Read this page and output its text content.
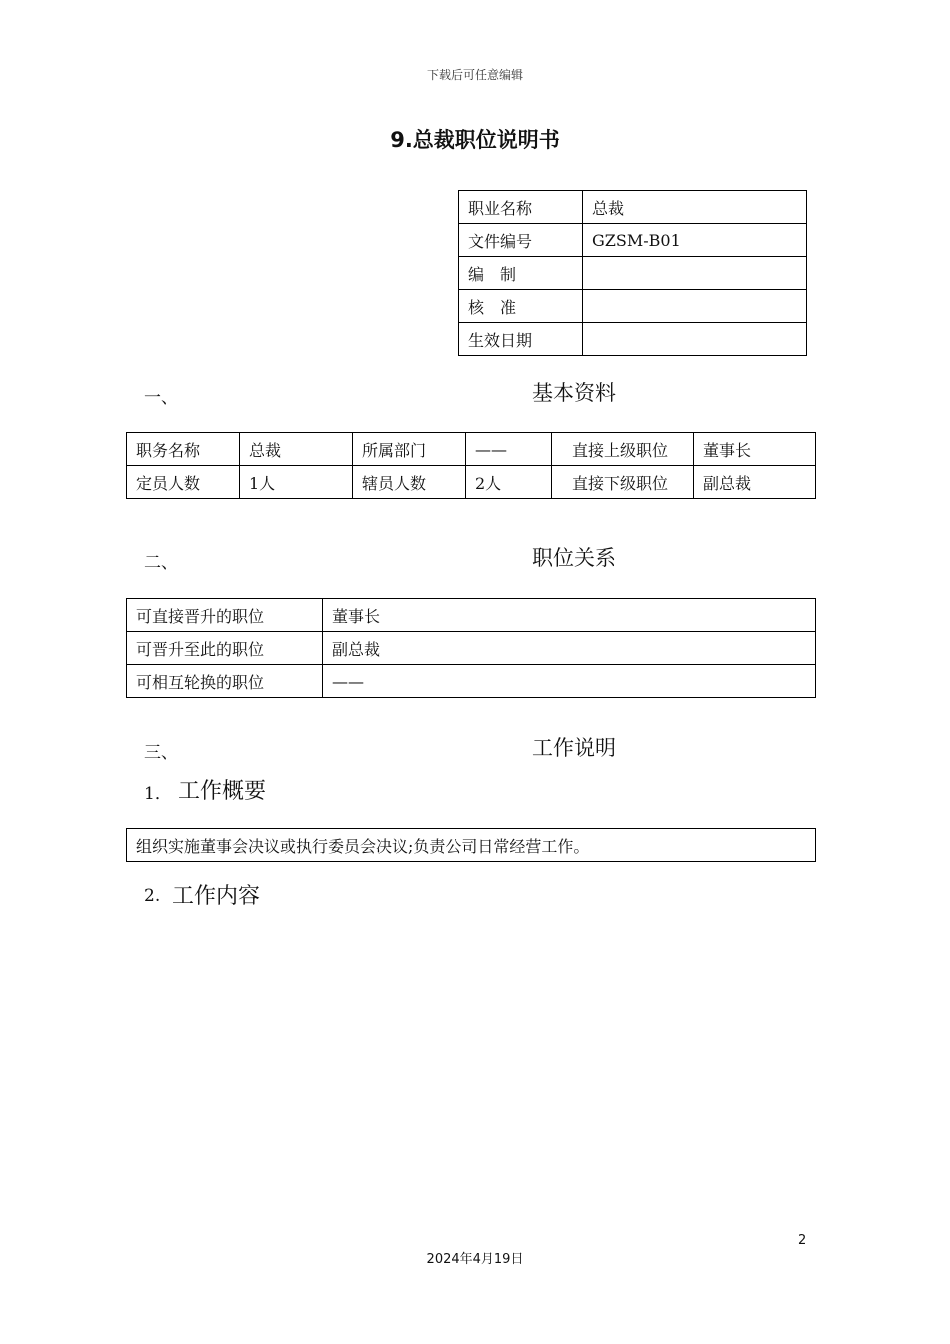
下载后可任意编辑
9.总裁职位说明书
职业名称	总裁
文件编号	GZSM-B01
编　制	
核　准	
生效日期	
一、	基本资料
职务名称	总裁	所属部门	——	直接上级职位	董事长
定员人数	1人	辖员人数	2人	直接下级职位	副总裁
二、	职位关系
可直接晋升的职位	董事长
可晋升至此的职位	副总裁
可相互轮换的职位	——
三、	工作说明
1． 工作概要
组织实施董事会决议或执行委员会决议;负责公司日常经营工作。
2. 工作内容
2
2024年4月19日
